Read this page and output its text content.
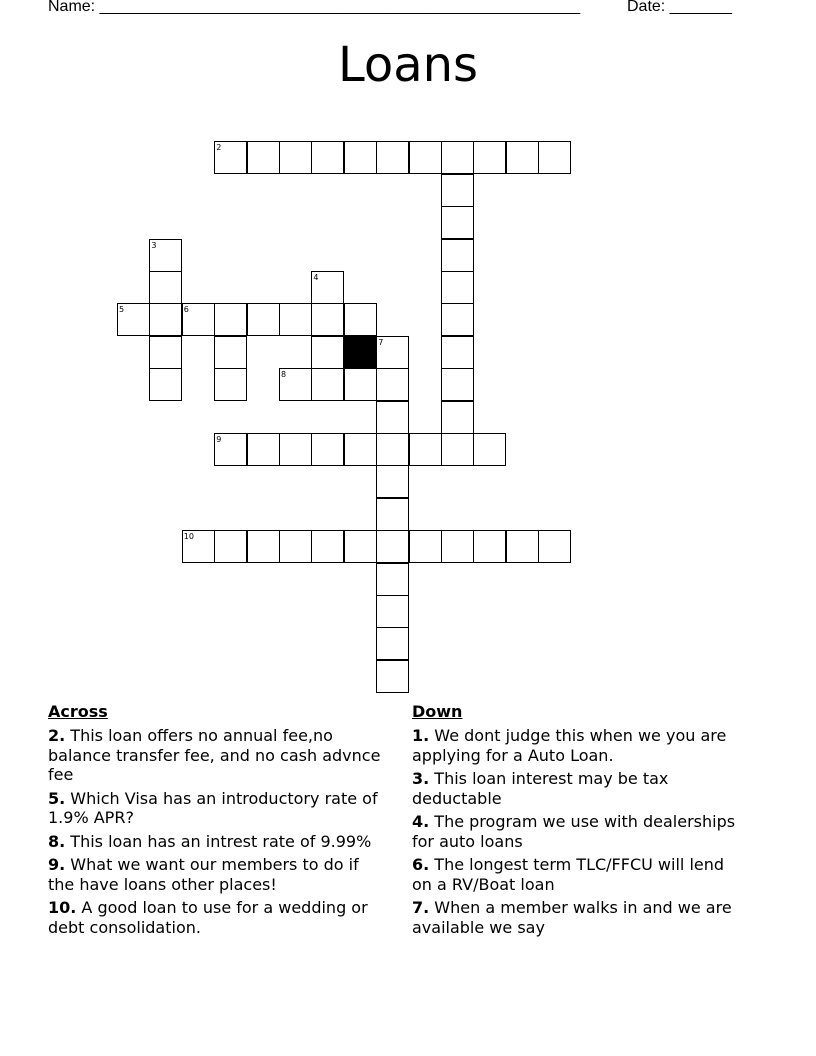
Name: ______________________________________________________	Date: _______
Loans
2
3
4
5	6
7
8
9
10
Across
2. This loan offers no annual fee,no balance transfer fee, and no cash advnce fee
5. Which Visa has an introductory rate of 1.9% APR?
8. This loan has an intrest rate of 9.99%
9. What we want our members to do if the have loans other places!
10. A good loan to use for a wedding or debt consolidation.
Down
1. We dont judge this when we you are applying for a Auto Loan.
3. This loan interest may be tax deductable
4. The program we use with dealerships for auto loans
6. The longest term TLC/FFCU will lend on a RV/Boat loan
7. When a member walks in and we are available we say
